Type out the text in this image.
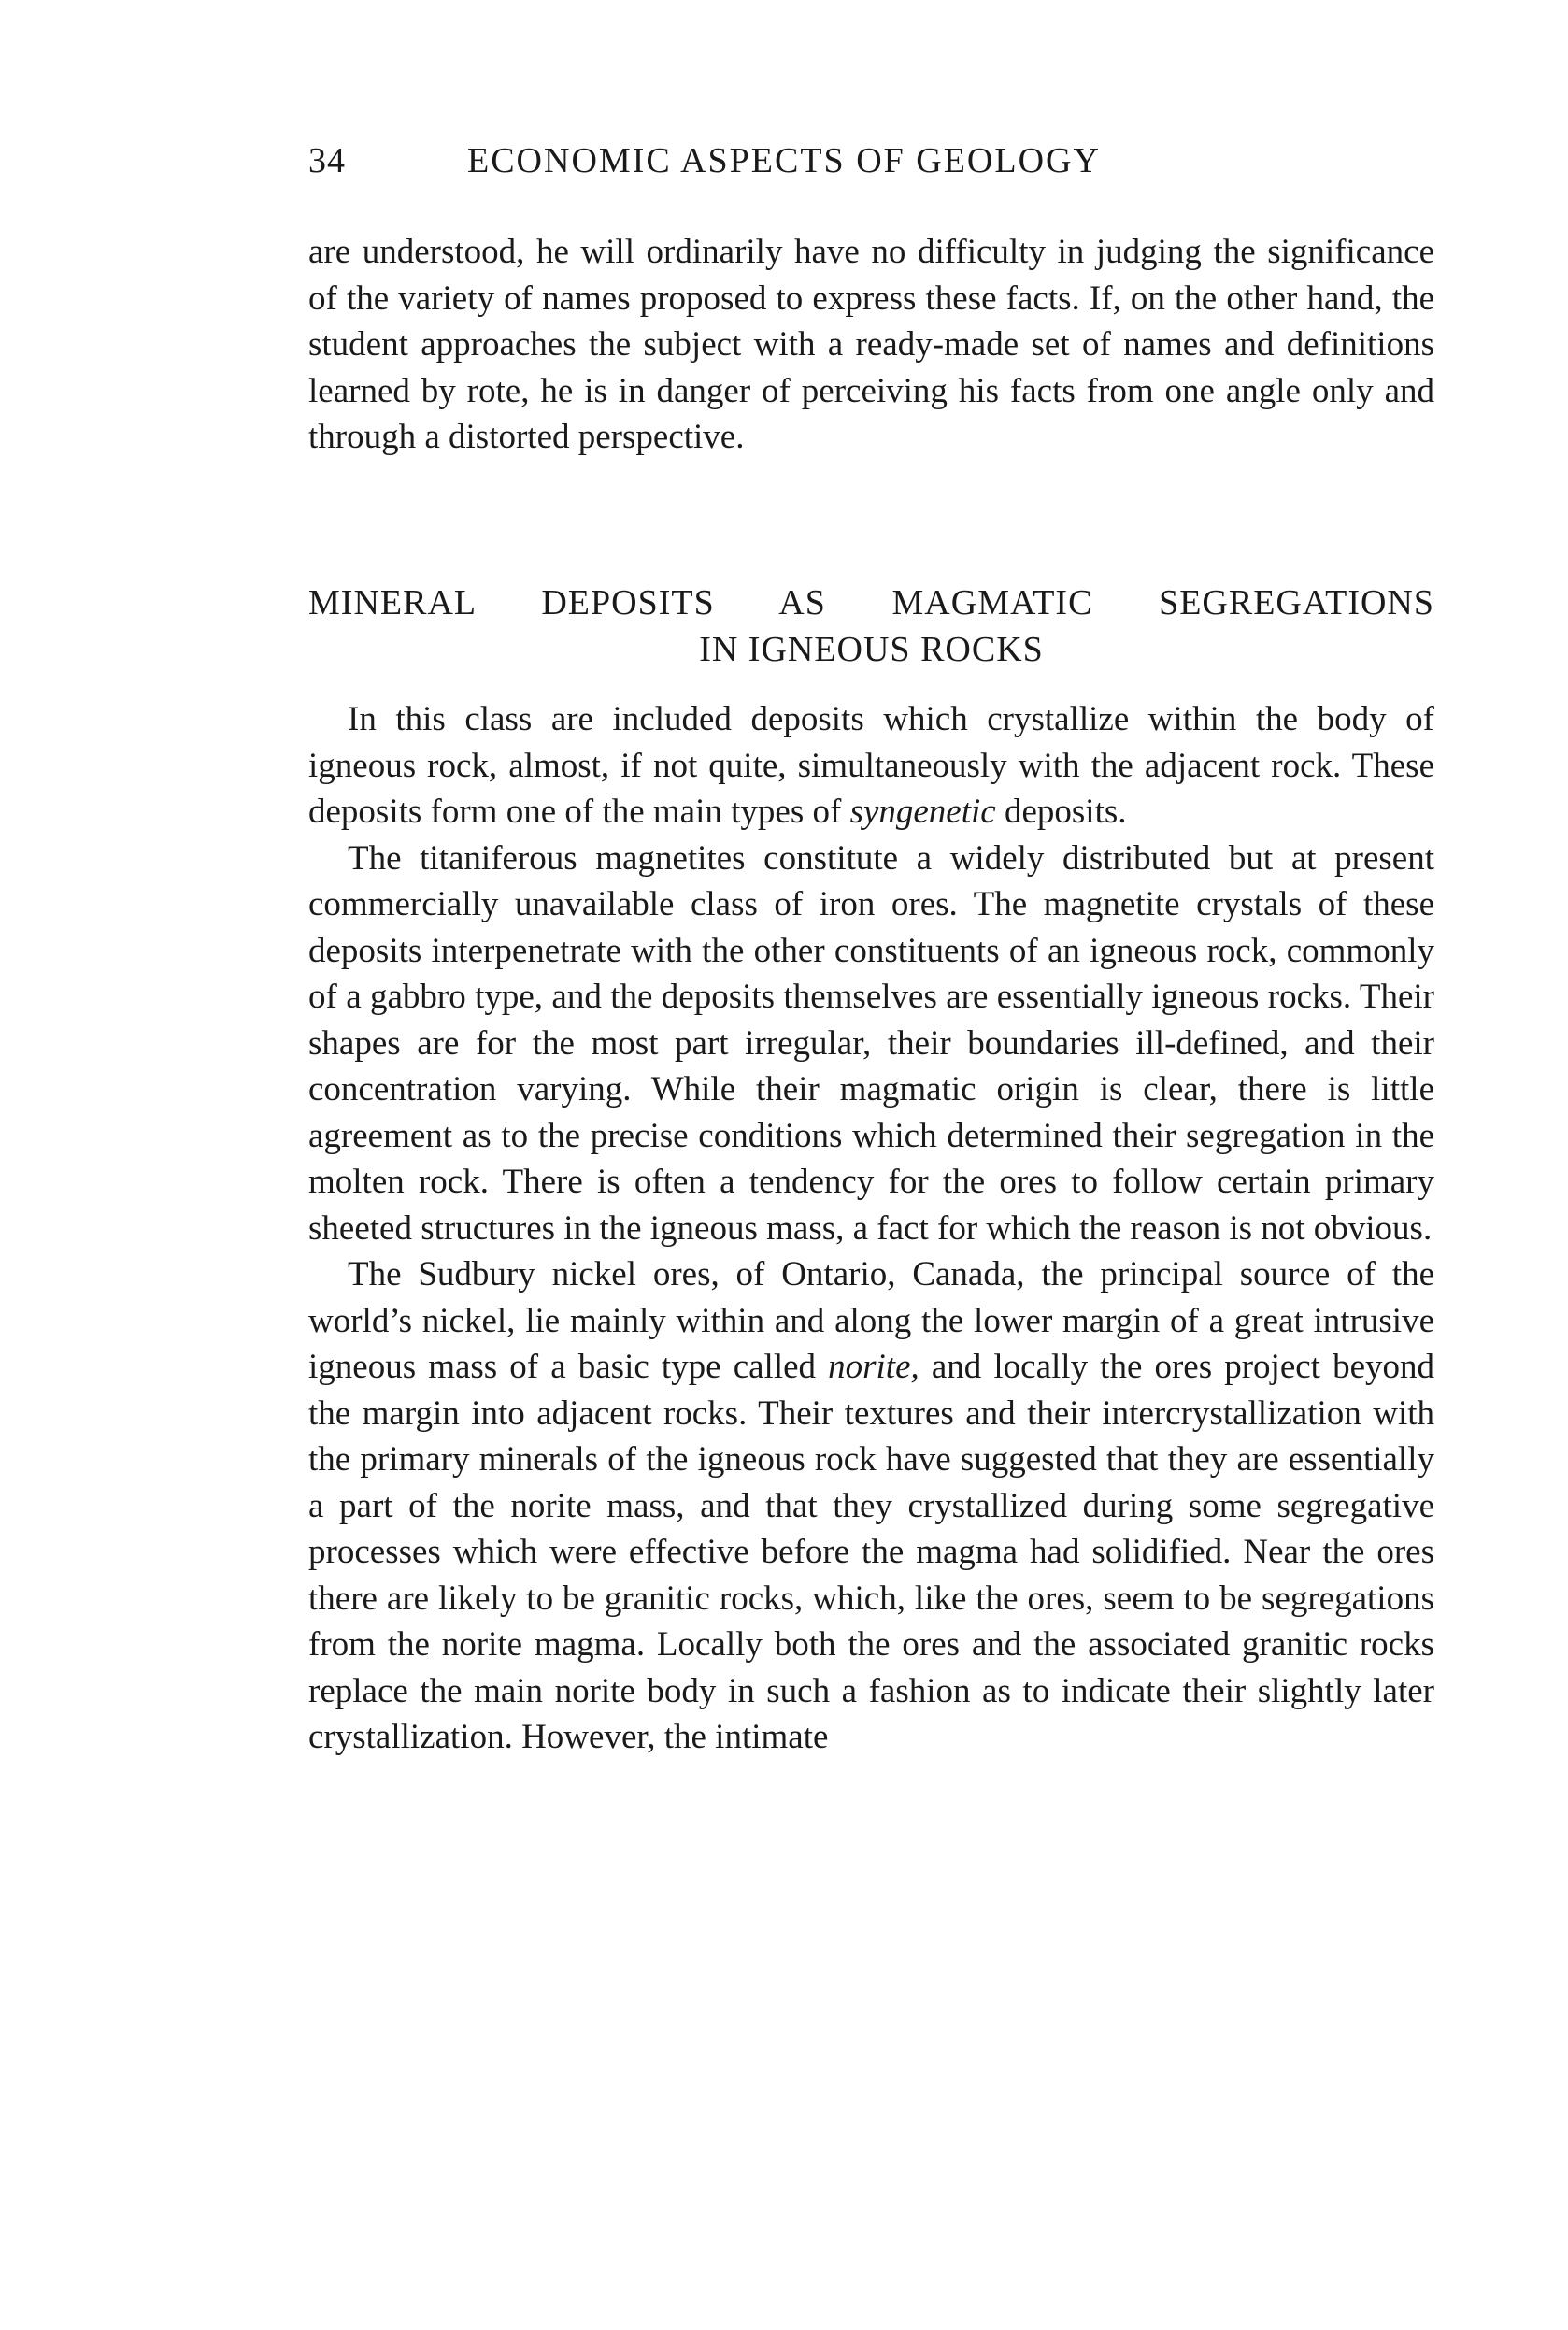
34	ECONOMIC ASPECTS OF GEOLOGY

are understood, he will ordinarily have no difficulty in judging the significance of the variety of names proposed to express these facts. If, on the other hand, the student approaches the subject with a ready-made set of names and definitions learned by rote, he is in danger of perceiving his facts from one angle only and through a distorted perspective.

MINERAL DEPOSITS AS MAGMATIC SEGREGATIONS
IN IGNEOUS ROCKS

In this class are included deposits which crystallize within the body of igneous rock, almost, if not quite, simultaneously with the adjacent rock. These deposits form one of the main types of syngenetic deposits.

The titaniferous magnetites constitute a widely distributed but at present commercially unavailable class of iron ores. The magnetite crystals of these deposits interpenetrate with the other constituents of an igneous rock, commonly of a gabbro type, and the deposits themselves are essentially igneous rocks. Their shapes are for the most part irregular, their boundaries ill-defined, and their concentration varying. While their magmatic origin is clear, there is little agreement as to the precise conditions which determined their segregation in the molten rock. There is often a tendency for the ores to follow certain primary sheeted structures in the igneous mass, a fact for which the reason is not obvious.

The Sudbury nickel ores, of Ontario, Canada, the principal source of the world’s nickel, lie mainly within and along the lower margin of a great intrusive igneous mass of a basic type called norite, and locally the ores project beyond the margin into adjacent rocks. Their textures and their intercrystallization with the primary minerals of the igneous rock have suggested that they are essentially a part of the norite mass, and that they crystallized during some segregative processes which were effective before the magma had solidified. Near the ores there are likely to be granitic rocks, which, like the ores, seem to be segregations from the norite magma. Locally both the ores and the associated granitic rocks replace the main norite body in such a fashion as to indicate their slightly later crystallization. However, the intimate
